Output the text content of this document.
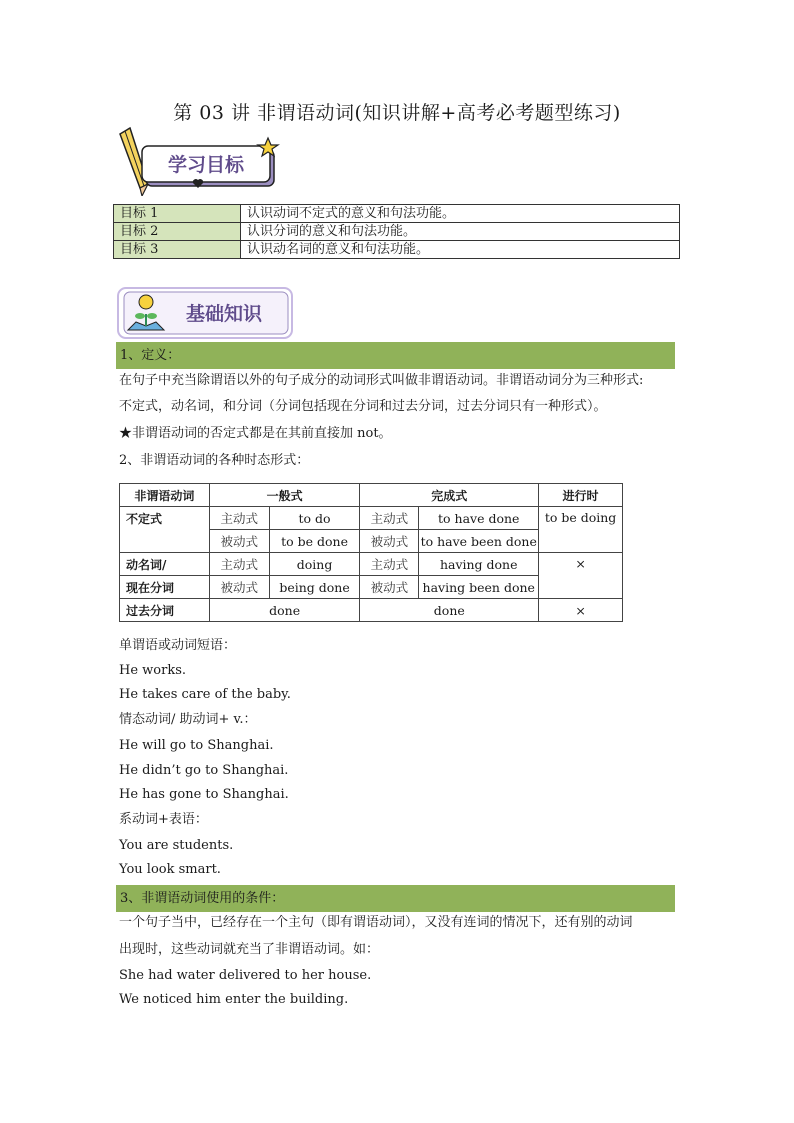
第 03 讲 非谓语动词(知识讲解+高考必考题型练习)
学习目标
目标 1	认识动词不定式的意义和句法功能。
目标 2	认识分词的意义和句法功能。
目标 3	认识动名词的意义和句法功能。
基础知识
1、定义：
在句子中充当除谓语以外的句子成分的动词形式叫做非谓语动词。非谓语动词分为三种形式:
不定式，动名词，和分词（分词包括现在分词和过去分词，过去分词只有一种形式）。
★非谓语动词的否定式都是在其前直接加 not。
2、非谓语动词的各种时态形式：
非谓语动词	一般式		完成式		进行时
不定式	主动式	to do	主动式	to have done	to be doing
	被动式	to be done	被动式	to have been done	
动名词/	主动式	doing	主动式	having done	×
现在分词	被动式	being done	被动式	having been done	
过去分词	done		done		×
单谓语或动词短语：
He works.
He takes care of the baby.
情态动词/ 助动词+ v.：
He will go to Shanghai.
He didn’t go to Shanghai.
He has gone to Shanghai.
系动词+表语：
You are students.
You look smart.
3、非谓语动词使用的条件：
一个句子当中，已经存在一个主句（即有谓语动词），又没有连词的情况下，还有别的动词
出现时，这些动词就充当了非谓语动词。如：
She had water delivered to her house.
We noticed him enter the building.
